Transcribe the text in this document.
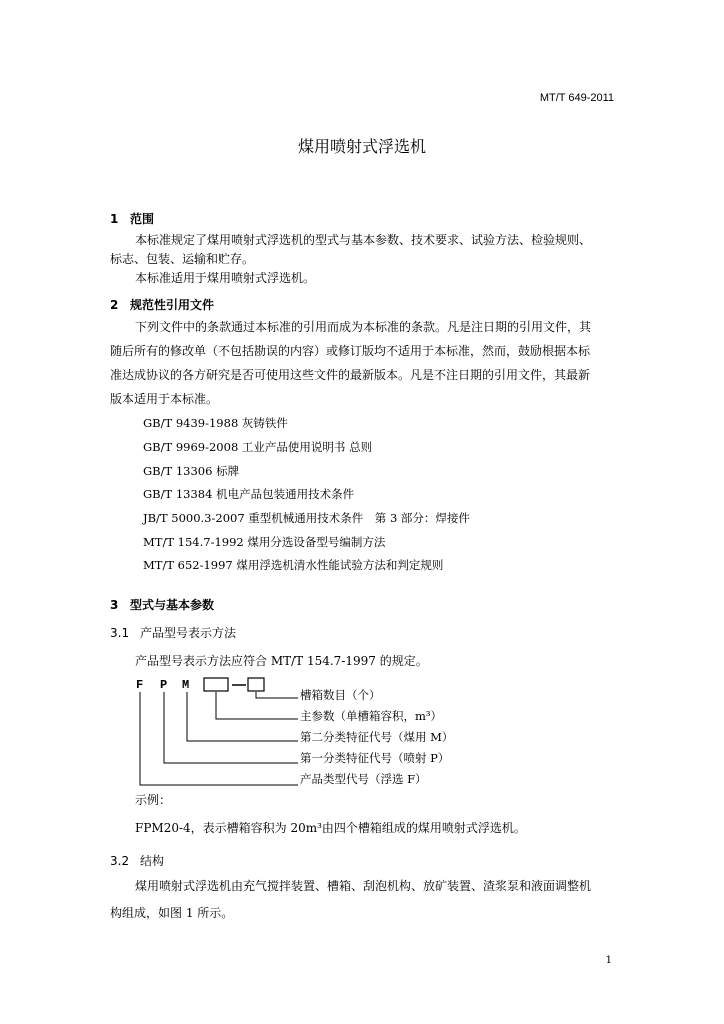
MT/T 649-2011
煤用喷射式浮选机
1 范围
本标准规定了煤用喷射式浮选机的型式与基本参数、技术要求、试验方法、检验规则、
标志、包装、运输和贮存。
本标准适用于煤用喷射式浮选机。
2 规范性引用文件
下列文件中的条款通过本标准的引用而成为本标准的条款。凡是注日期的引用文件，其
随后所有的修改单（不包括勘误的内容）或修订版均不适用于本标准，然而，鼓励根据本标
准达成协议的各方研究是否可使用这些文件的最新版本。凡是不注日期的引用文件，其最新
版本适用于本标准。
GB/T 9439-1988 灰铸铁件
GB/T 9969-2008 工业产品使用说明书 总则
GB/T 13306 标牌
GB/T 13384 机电产品包装通用技术条件
JB/T 5000.3-2007 重型机械通用技术条件　第 3 部分：焊接件
MT/T 154.7-1992 煤用分选设备型号编制方法
MT/T 652-1997 煤用浮选机清水性能试验方法和判定规则
3 型式与基本参数
3.1 产品型号表示方法
产品型号表示方法应符合 MT/T 154.7-1997 的规定。
F P M
槽箱数目（个）
主参数（单槽箱容积，m³）
第二分类特征代号（煤用 M）
第一分类特征代号（喷射 P）
产品类型代号（浮选 F）
示例：
FPM20-4，表示槽箱容积为 20m³由四个槽箱组成的煤用喷射式浮选机。
3.2 结构
煤用喷射式浮选机由充气搅拌装置、槽箱、刮泡机构、放矿装置、渣浆泵和液面调整机
构组成，如图 1 所示。
1
